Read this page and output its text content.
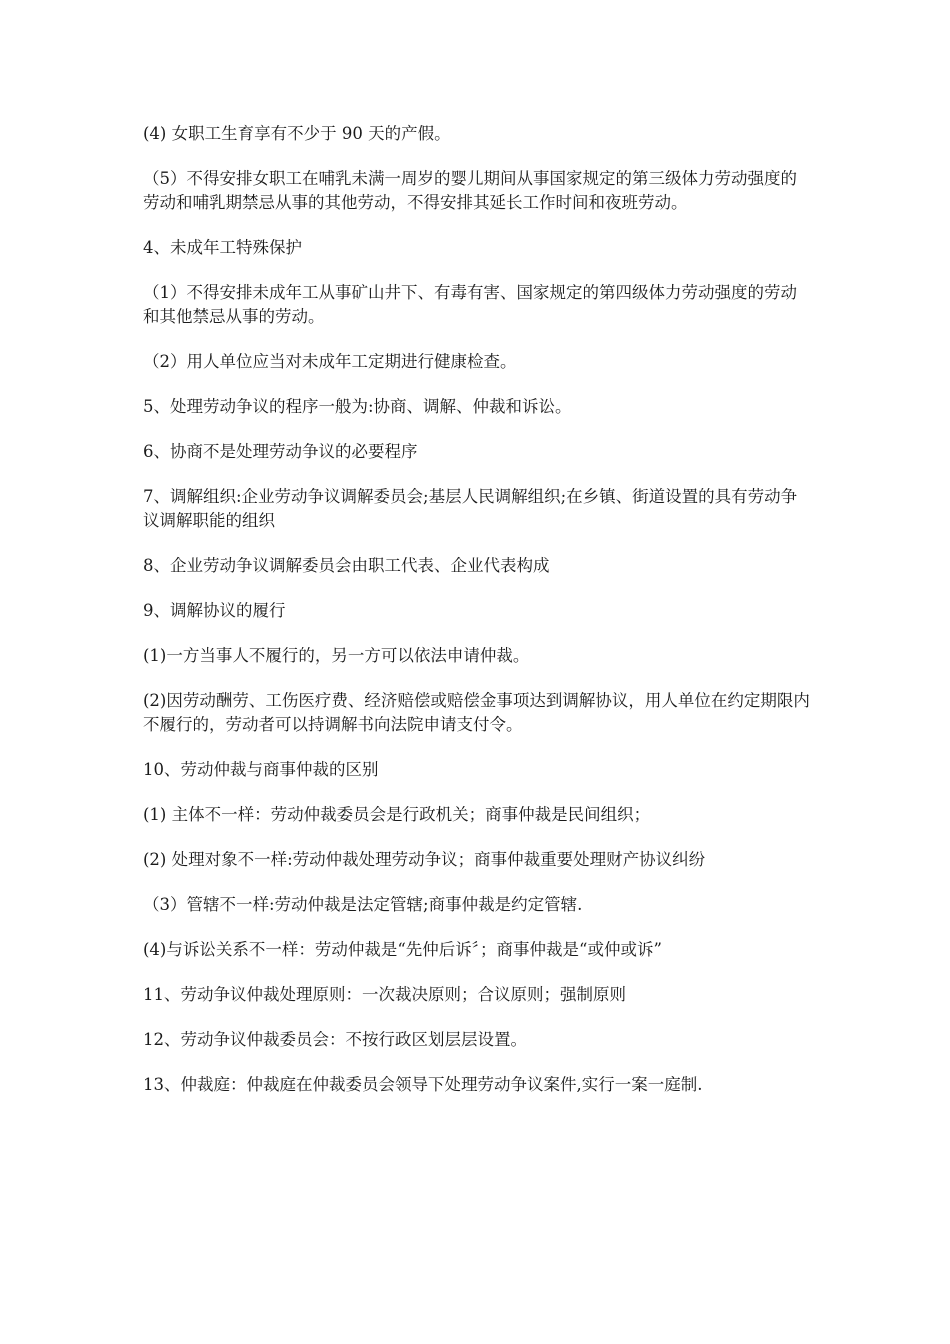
(4) 女职工生育享有不少于 90 天的产假。

（5）不得安排女职工在哺乳未满一周岁的婴儿期间从事国家规定的第三级体力劳动强度的劳动和哺乳期禁忌从事的其他劳动，不得安排其延长工作时间和夜班劳动。

4、未成年工特殊保护

（1）不得安排未成年工从事矿山井下、有毒有害、国家规定的第四级体力劳动强度的劳动和其他禁忌从事的劳动。

（2）用人单位应当对未成年工定期进行健康检查。

5、处理劳动争议的程序一般为:协商、调解、仲裁和诉讼。

6、协商不是处理劳动争议的必要程序

7、调解组织:企业劳动争议调解委员会;基层人民调解组织;在乡镇、街道设置的具有劳动争议调解职能的组织

8、企业劳动争议调解委员会由职工代表、企业代表构成

9、调解协议的履行

(1)一方当事人不履行的，另一方可以依法申请仲裁。

(2)因劳动酬劳、工伤医疗费、经济赔偿或赔偿金事项达到调解协议，用人单位在约定期限内不履行的，劳动者可以持调解书向法院申请支付令。

10、劳动仲裁与商事仲裁的区别

(1) 主体不一样：劳动仲裁委员会是行政机关；商事仲裁是民间组织；

(2) 处理对象不一样:劳动仲裁处理劳动争议；商事仲裁重要处理财产协议纠纷

（3）管辖不一样:劳动仲裁是法定管辖;商事仲裁是约定管辖.

(4)与诉讼关系不一样：劳动仲裁是“先仲后诉〞；商事仲裁是“或仲或诉”

11、劳动争议仲裁处理原则：一次裁决原则；合议原则；强制原则

12、劳动争议仲裁委员会：不按行政区划层层设置。

13、仲裁庭：仲裁庭在仲裁委员会领导下处理劳动争议案件,实行一案一庭制.
